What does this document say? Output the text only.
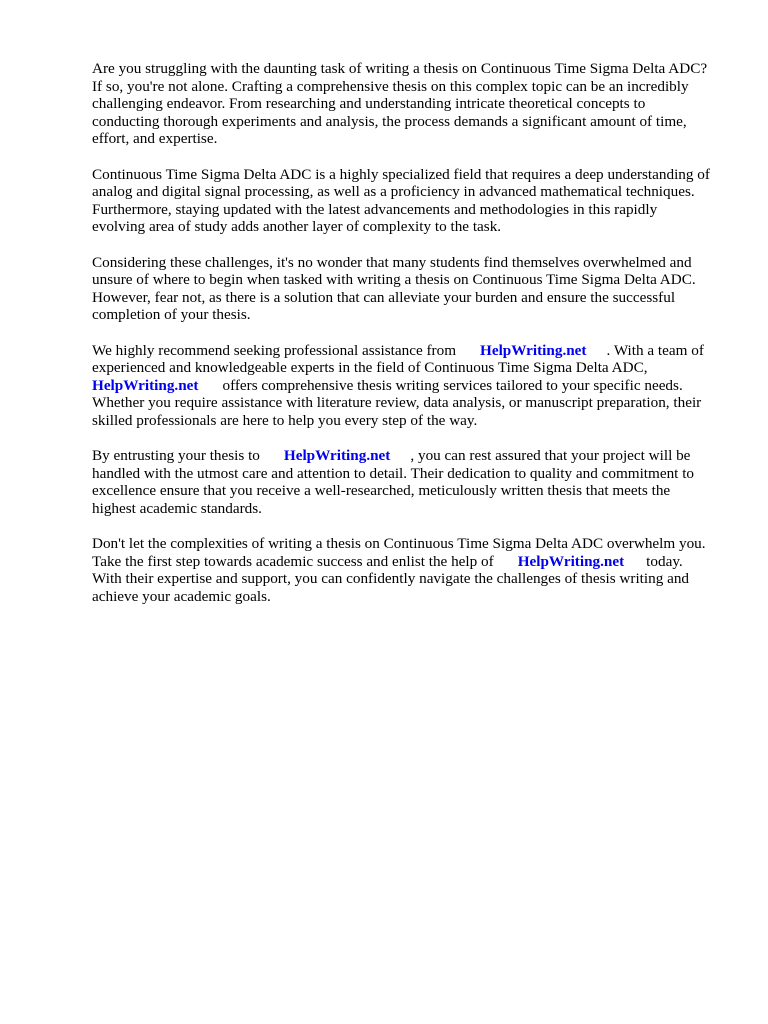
Are you struggling with the daunting task of writing a thesis on Continuous Time Sigma Delta ADC?
If so, you're not alone. Crafting a comprehensive thesis on this complex topic can be an incredibly
challenging endeavor. From researching and understanding intricate theoretical concepts to
conducting thorough experiments and analysis, the process demands a significant amount of time,
effort, and expertise.

Continuous Time Sigma Delta ADC is a highly specialized field that requires a deep understanding of
analog and digital signal processing, as well as a proficiency in advanced mathematical techniques.
Furthermore, staying updated with the latest advancements and methodologies in this rapidly
evolving area of study adds another layer of complexity to the task.

Considering these challenges, it's no wonder that many students find themselves overwhelmed and
unsure of where to begin when tasked with writing a thesis on Continuous Time Sigma Delta ADC.
However, fear not, as there is a solution that can alleviate your burden and ensure the successful
completion of your thesis.

We highly recommend seeking professional assistance from HelpWriting.net . With a team of
experienced and knowledgeable experts in the field of Continuous Time Sigma Delta ADC,
HelpWriting.net offers comprehensive thesis writing services tailored to your specific needs.
Whether you require assistance with literature review, data analysis, or manuscript preparation, their
skilled professionals are here to help you every step of the way.

By entrusting your thesis to HelpWriting.net , you can rest assured that your project will be
handled with the utmost care and attention to detail. Their dedication to quality and commitment to
excellence ensure that you receive a well-researched, meticulously written thesis that meets the
highest academic standards.

Don't let the complexities of writing a thesis on Continuous Time Sigma Delta ADC overwhelm you.
Take the first step towards academic success and enlist the help of HelpWriting.net today.
With their expertise and support, you can confidently navigate the challenges of thesis writing and
achieve your academic goals.
